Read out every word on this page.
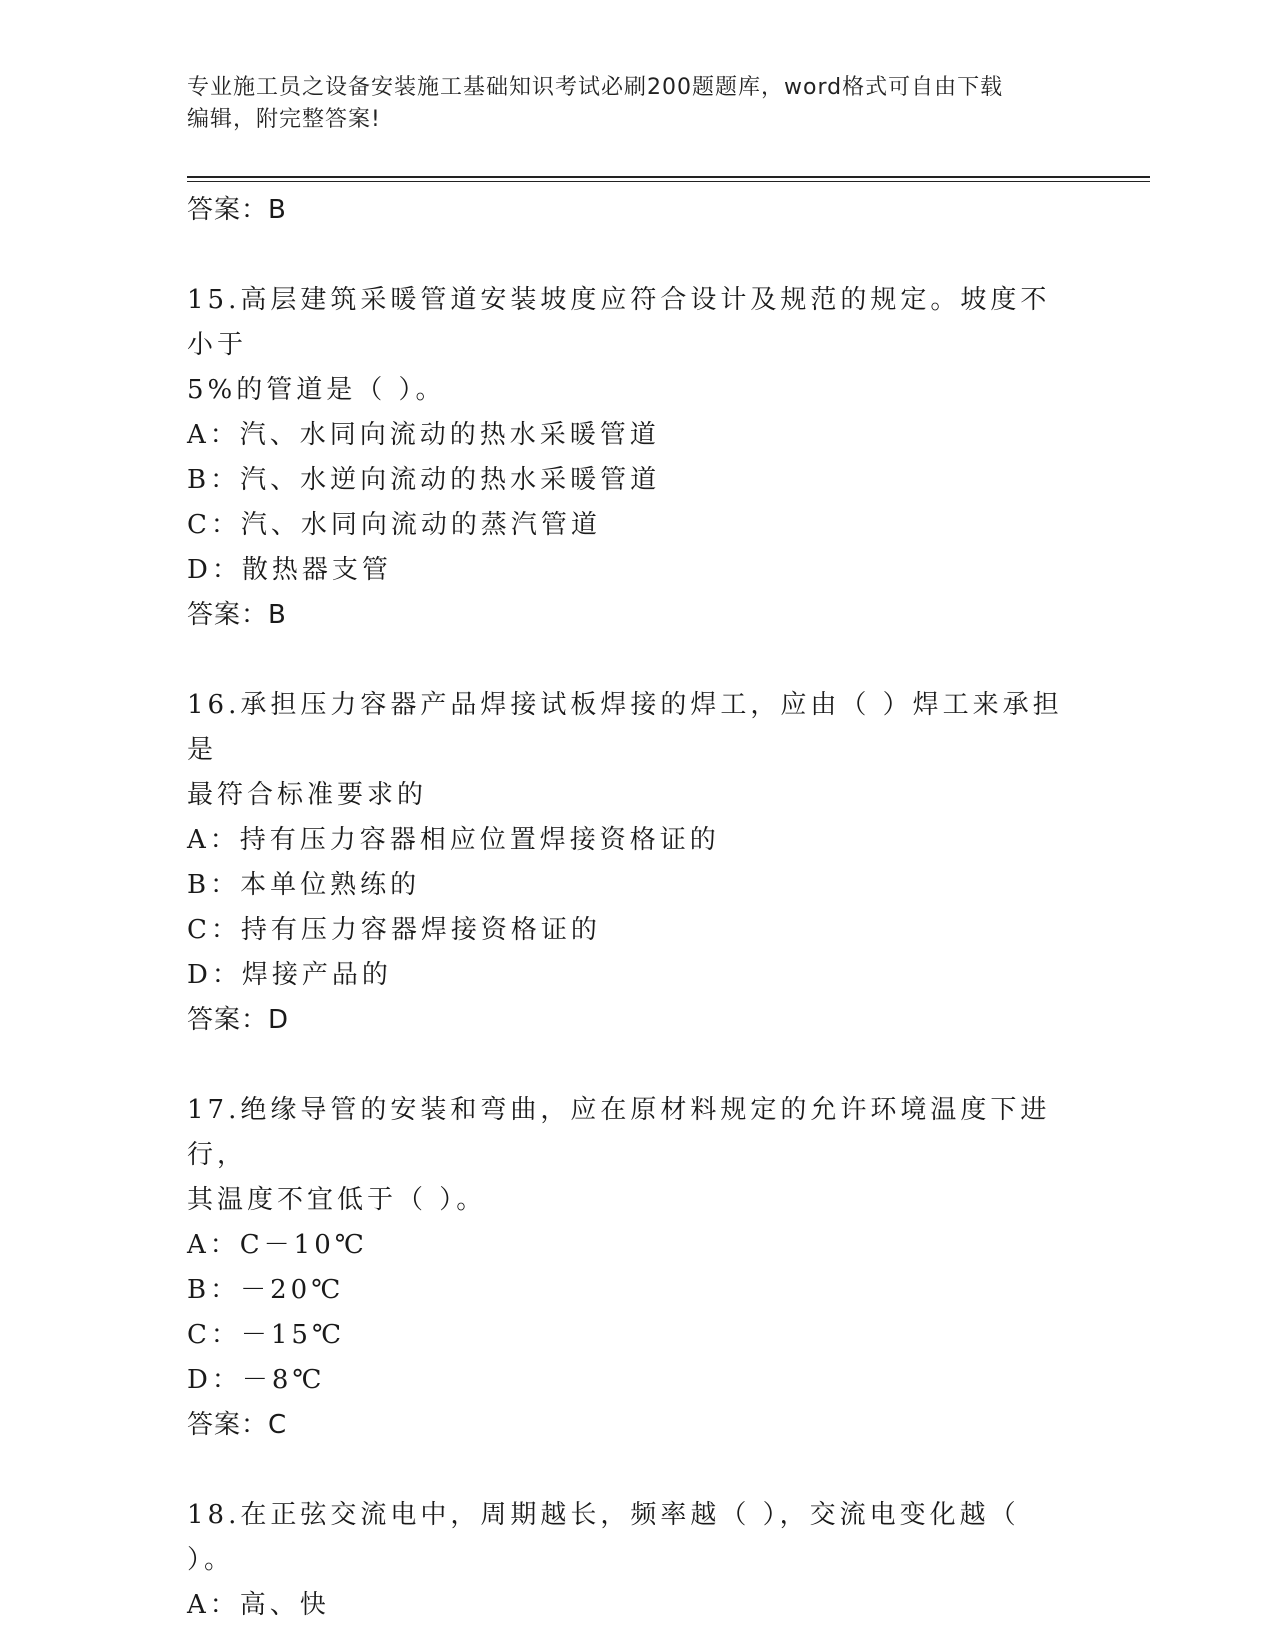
专业施工员之设备安装施工基础知识考试必刷200题题库，word格式可自由下载
编辑，附完整答案!
答案：B
15.高层建筑采暖管道安装坡度应符合设计及规范的规定。坡度不小于
5%的管道是（ ）。
A：汽、水同向流动的热水采暖管道
B：汽、水逆向流动的热水采暖管道
C：汽、水同向流动的蒸汽管道
D：散热器支管
答案：B
16.承担压力容器产品焊接试板焊接的焊工，应由（ ）焊工来承担是
最符合标准要求的
A：持有压力容器相应位置焊接资格证的
B：本单位熟练的
C：持有压力容器焊接资格证的
D：焊接产品的
答案：D
17.绝缘导管的安装和弯曲，应在原材料规定的允许环境温度下进行，
其温度不宜低于（ ）。
A：C－10℃
B：－20℃
C：－15℃
D：－8℃
答案：C
18.在正弦交流电中，周期越长，频率越（ ），交流电变化越（ ）。
A：高、快
